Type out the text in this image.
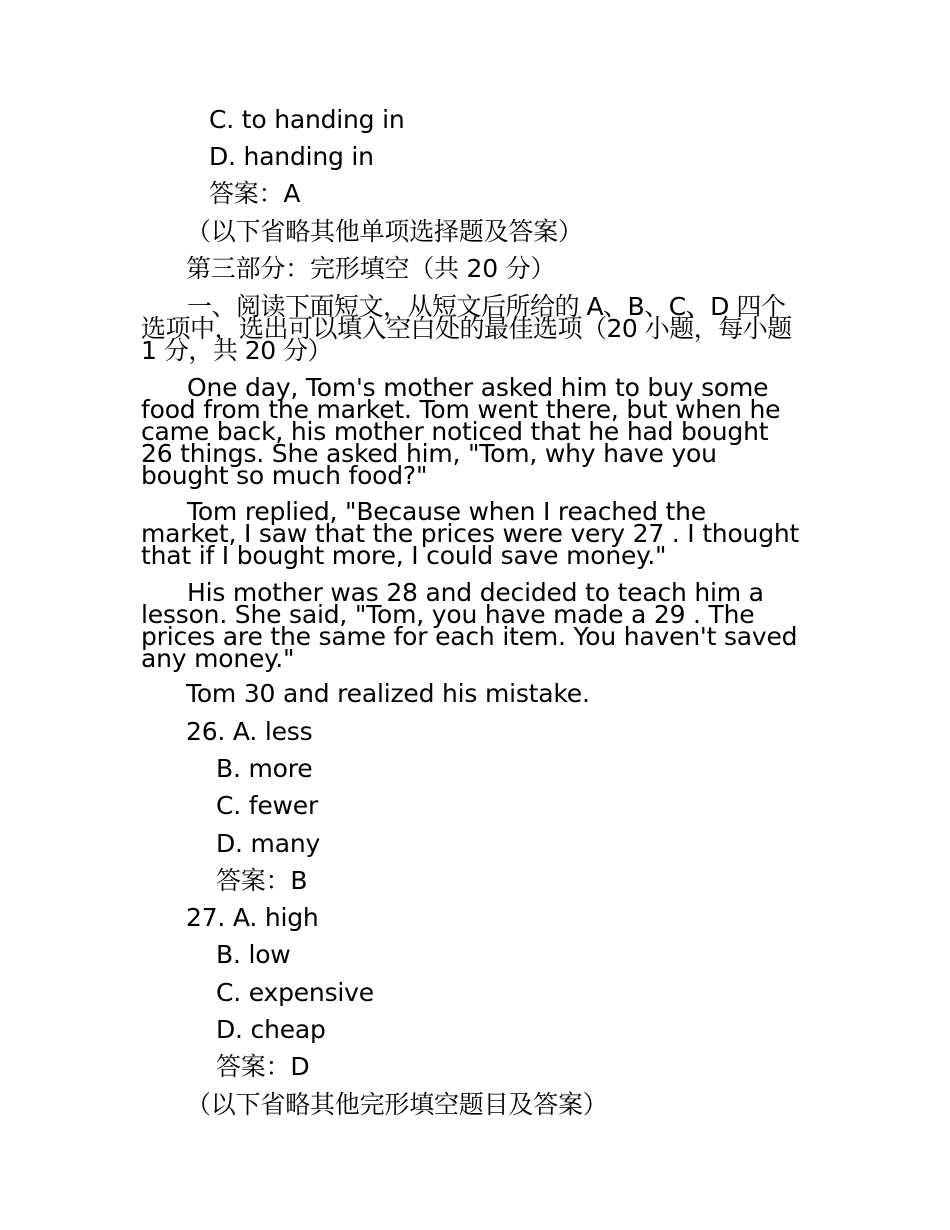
C. to handing in
D. handing in
答案：A
（以下省略其他单项选择题及答案）
第三部分：完形填空（共 20 分）
一、阅读下面短文，从短文后所给的 A、B、C、D 四个选项中，选出可以填入空白处的最佳选项（20 小题，每小题 1 分，共 20 分）
One day, Tom's mother asked him to buy some food from the market. Tom went there, but when he came back, his mother noticed that he had bought 26 things. She asked him, "Tom, why have you bought so much food?"
Tom replied, "Because when I reached the market, I saw that the prices were very 27 . I thought that if I bought more, I could save money."
His mother was 28 and decided to teach him a lesson. She said, "Tom, you have made a 29 . The prices are the same for each item. You haven't saved any money."
Tom 30 and realized his mistake.
26. A. less
B. more
C. fewer
D. many
答案：B
27. A. high
B. low
C. expensive
D. cheap
答案：D
（以下省略其他完形填空题目及答案）
